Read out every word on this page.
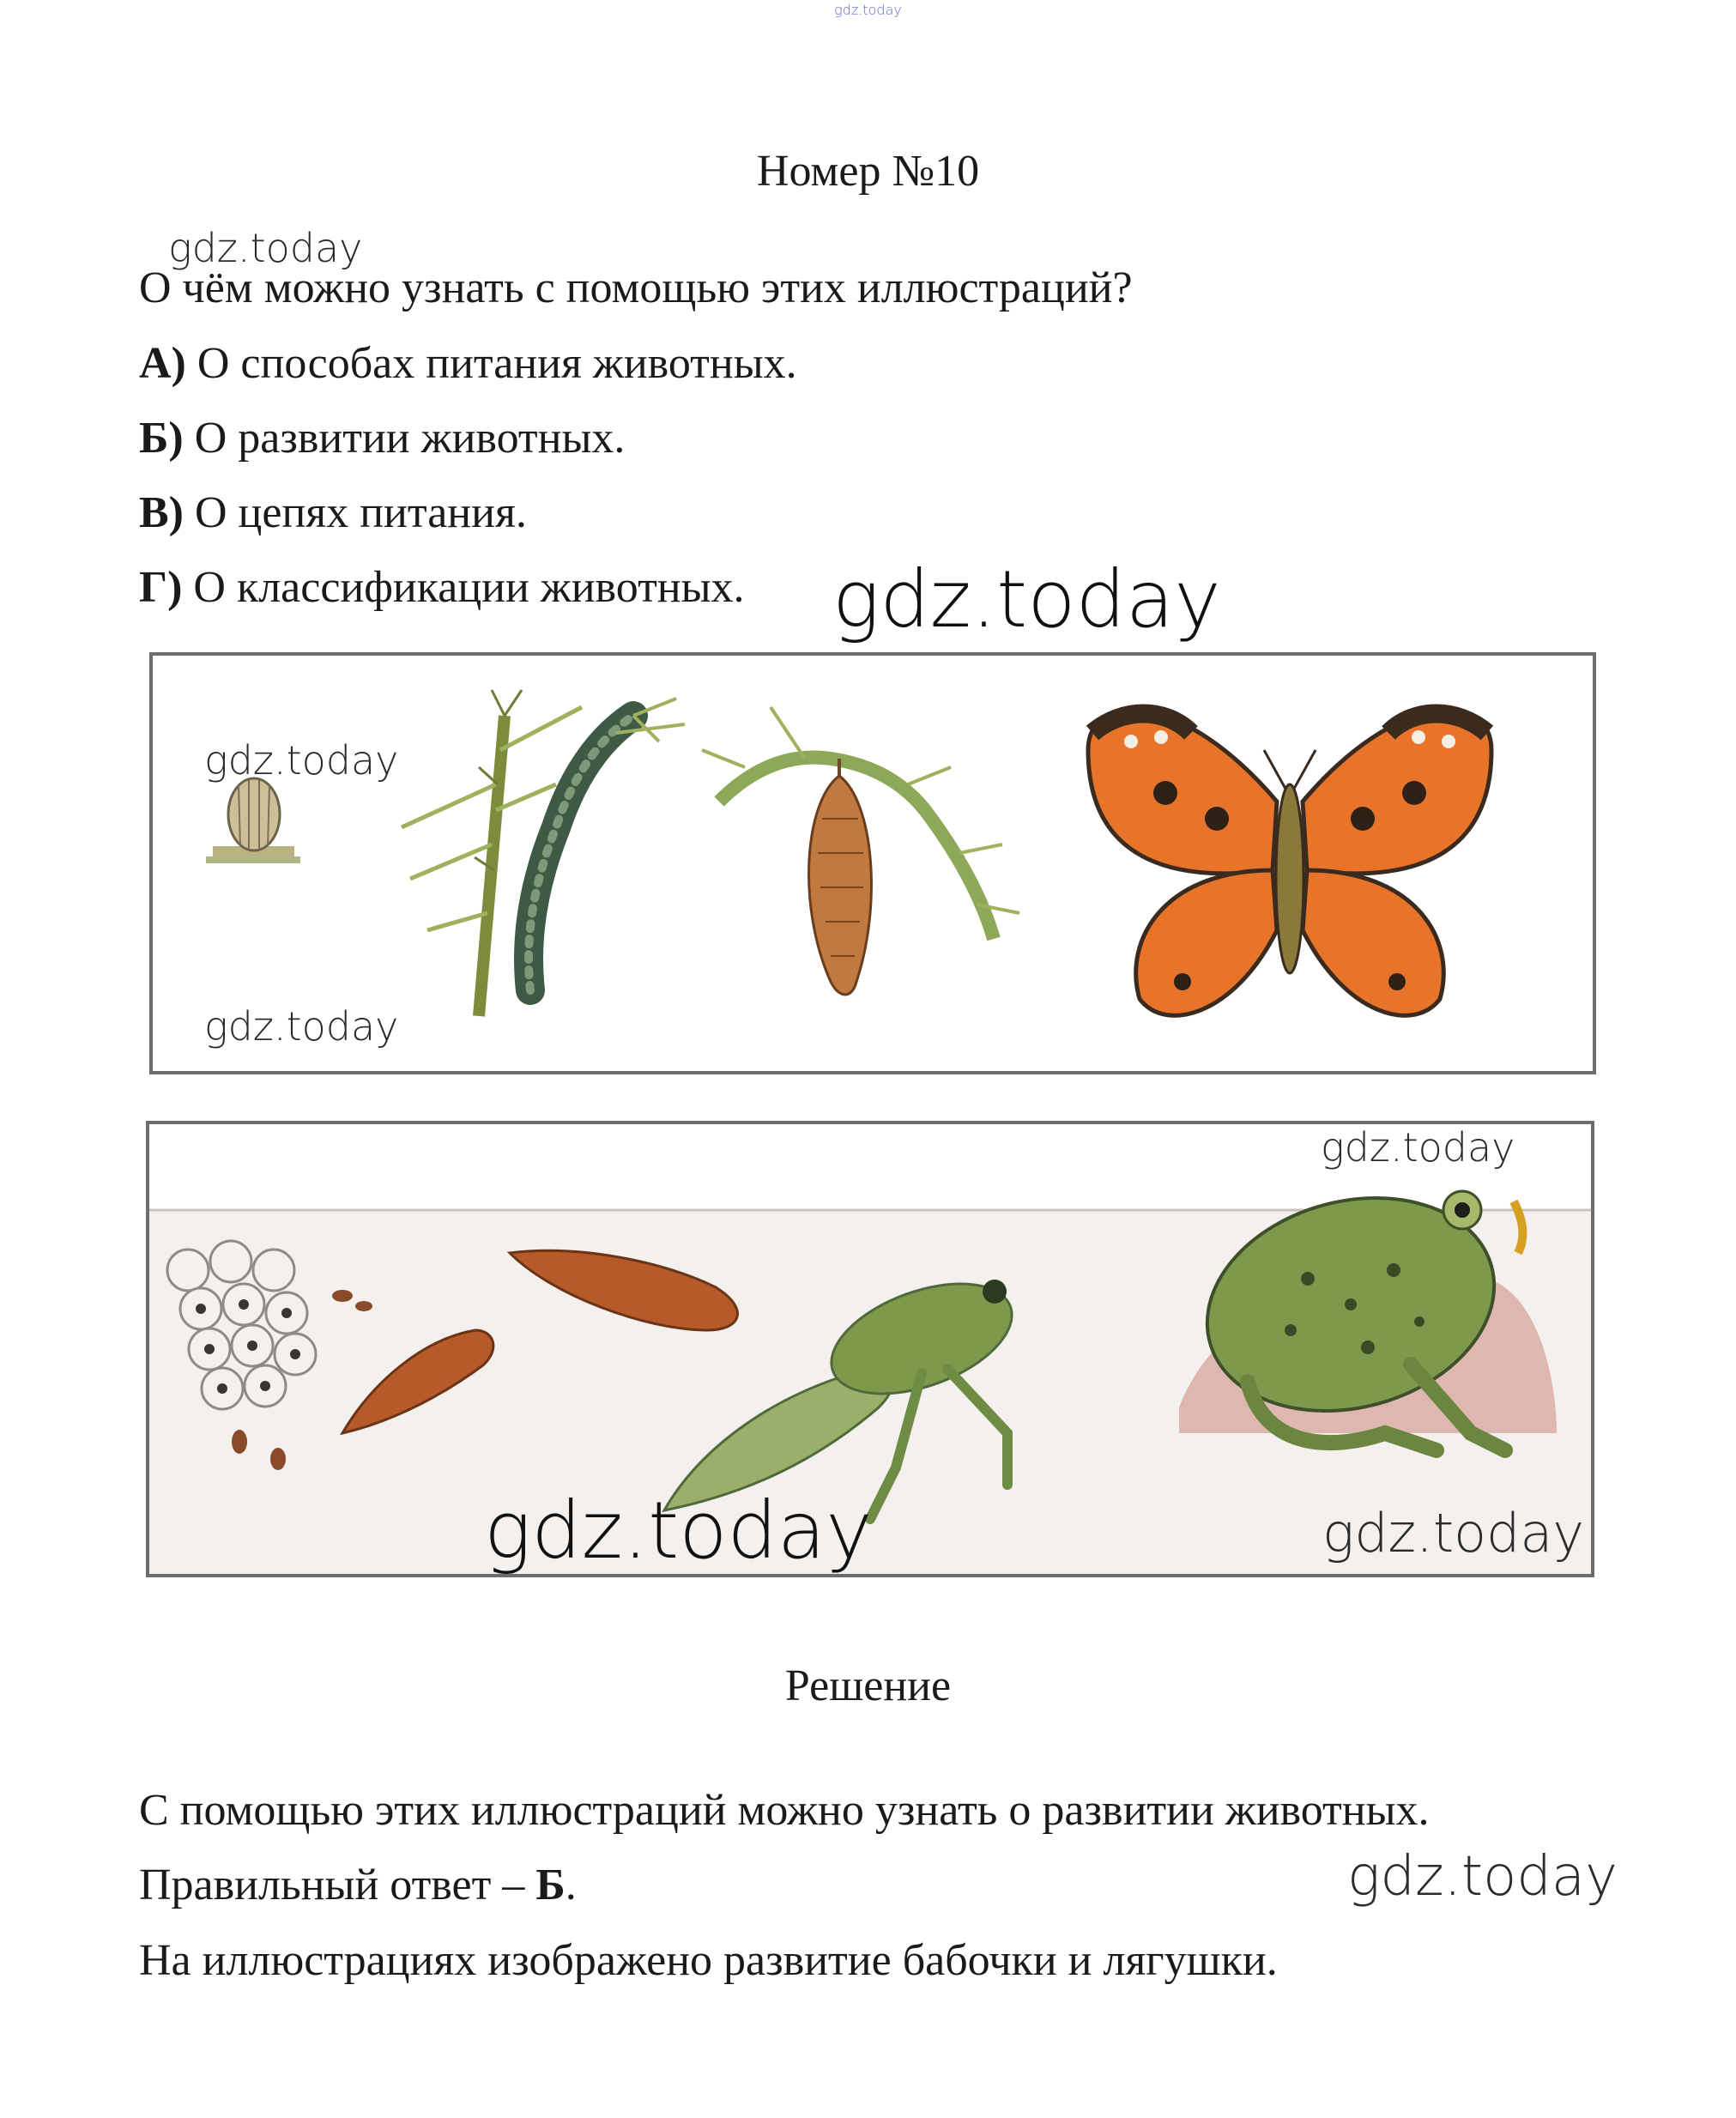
gdz.today
Номер №10
gdz.today
О чём можно узнать с помощью этих иллюстраций?
А) О способах питания животных.
Б) О развитии животных.
В) О цепях питания.
Г) О классификации животных. gdz.today
gdz.today
gdz.today
gdz.today
gdz.today	gdz.today
Решение
С помощью этих иллюстраций можно узнать о развитии животных.
Правильный ответ – Б.	gdz.today
На иллюстрациях изображено развитие бабочки и лягушки.
